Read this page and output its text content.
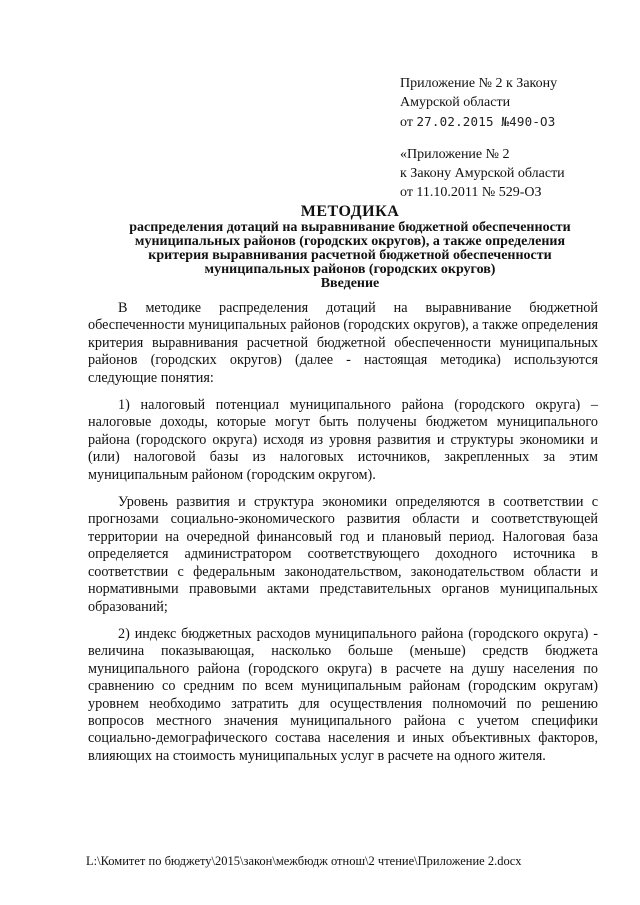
Приложение № 2 к Закону
Амурской области
от 27.02.2015 №490-ОЗ
«Приложение № 2
к Закону Амурской области
от 11.10.2011 № 529-ОЗ
МЕТОДИКА
распределения дотаций на выравнивание бюджетной обеспеченности
муниципальных районов (городских округов), а также определения
критерия выравнивания расчетной бюджетной обеспеченности
муниципальных районов (городских округов)
Введение

В методике распределения дотаций на выравнивание бюджетной обеспеченности муниципальных районов (городских округов), а также определения критерия выравнивания расчетной бюджетной обеспеченности муниципальных районов (городских округов) (далее - настоящая методика) используются следующие понятия:

1) налоговый потенциал муниципального района (городского округа) – налоговые доходы, которые могут быть получены бюджетом муниципального района (городского округа) исходя из уровня развития и структуры экономики и (или) налоговой базы из налоговых источников, закрепленных за этим муниципальным районом (городским округом).

Уровень развития и структура экономики определяются в соответствии с прогнозами социально-экономического развития области и соответствующей территории на очередной финансовый год и плановый период. Налоговая база определяется администратором соответствующего доходного источника в соответствии с федеральным законодательством, законодательством области и нормативными правовыми актами представительных органов муниципальных образований;

2) индекс бюджетных расходов муниципального района (городского округа) - величина показывающая, насколько больше (меньше) средств бюджета муниципального района (городского округа) в расчете на душу населения по сравнению со средним по всем муниципальным районам (городским округам) уровнем необходимо затратить для осуществления полномочий по решению вопросов местного значения муниципального района с учетом специфики социально-демографического состава населения и иных объективных факторов, влияющих на стоимость муниципальных услуг в расчете на одного жителя.

L:\Комитет по бюджету\2015\закон\межбюдж отнош\2 чтение\Приложение 2.docx
